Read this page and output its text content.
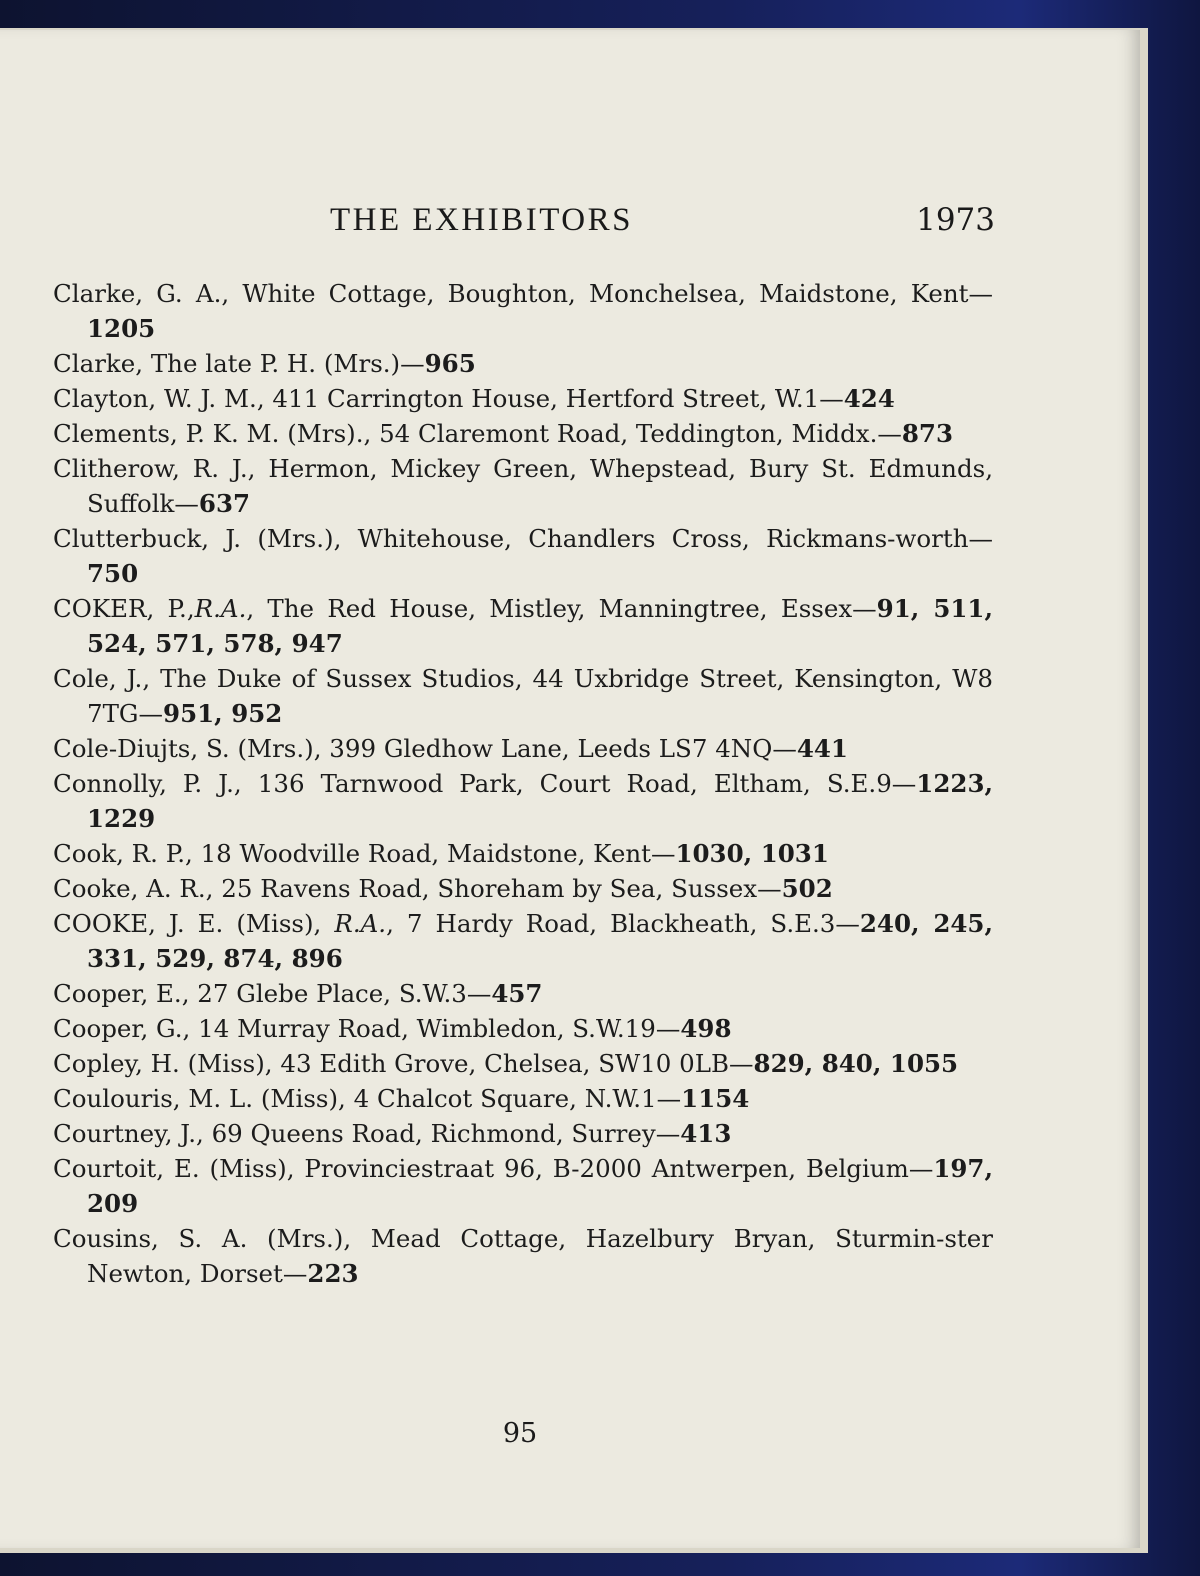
THE EXHIBITORS	1973
Clarke, G. A., White Cottage, Boughton, Monchelsea, Maidstone, Kent—1205
Clarke, The late P. H. (Mrs.)—965
Clayton, W. J. M., 411 Carrington House, Hertford Street, W.1—424
Clements, P. K. M. (Mrs)., 54 Claremont Road, Teddington, Middx.—873
Clitherow, R. J., Hermon, Mickey Green, Whepstead, Bury St. Edmunds, Suffolk—637
Clutterbuck, J. (Mrs.), Whitehouse, Chandlers Cross, Rickmans-worth—750
COKER, P.,R.A., The Red House, Mistley, Manningtree, Essex—91, 511, 524, 571, 578, 947
Cole, J., The Duke of Sussex Studios, 44 Uxbridge Street, Kensington, W8 7TG—951, 952
Cole-Diujts, S. (Mrs.), 399 Gledhow Lane, Leeds LS7 4NQ—441
Connolly, P. J., 136 Tarnwood Park, Court Road, Eltham, S.E.9—1223, 1229
Cook, R. P., 18 Woodville Road, Maidstone, Kent—1030, 1031
Cooke, A. R., 25 Ravens Road, Shoreham by Sea, Sussex—502
COOKE, J. E. (Miss), R.A., 7 Hardy Road, Blackheath, S.E.3—240, 245, 331, 529, 874, 896
Cooper, E., 27 Glebe Place, S.W.3—457
Cooper, G., 14 Murray Road, Wimbledon, S.W.19—498
Copley, H. (Miss), 43 Edith Grove, Chelsea, SW10 0LB—829, 840, 1055
Coulouris, M. L. (Miss), 4 Chalcot Square, N.W.1—1154
Courtney, J., 69 Queens Road, Richmond, Surrey—413
Courtoit, E. (Miss), Provinciestraat 96, B-2000 Antwerpen, Belgium—197, 209
Cousins, S. A. (Mrs.), Mead Cottage, Hazelbury Bryan, Sturmin-ster Newton, Dorset—223
95
